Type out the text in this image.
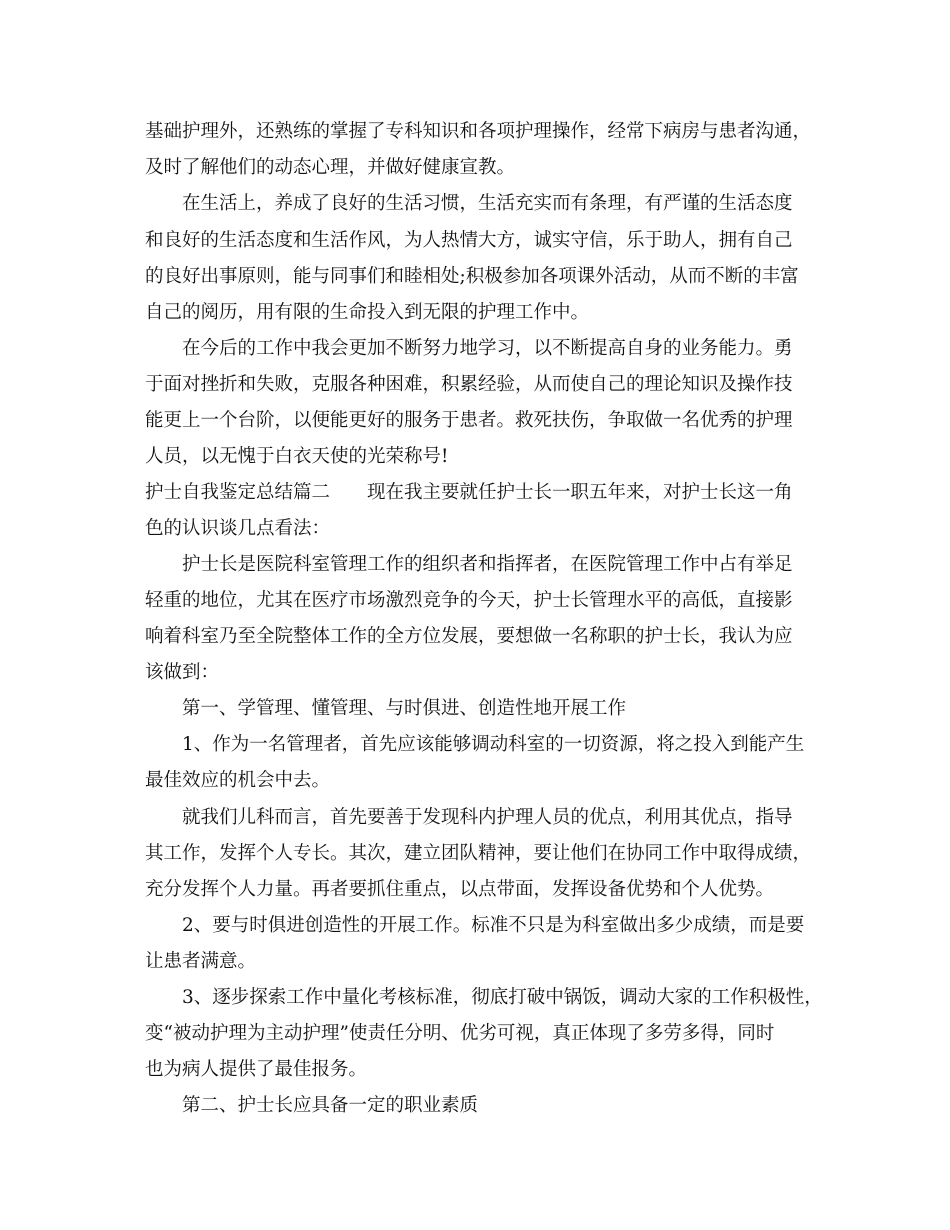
基础护理外，还熟练的掌握了专科知识和各项护理操作，经常下病房与患者沟通，

及时了解他们的动态心理，并做好健康宣教。

在生活上，养成了良好的生活习惯，生活充实而有条理，有严谨的生活态度

和良好的生活态度和生活作风，为人热情大方，诚实守信，乐于助人，拥有自己

的良好出事原则，能与同事们和睦相处;积极参加各项课外活动，从而不断的丰富

自己的阅历，用有限的生命投入到无限的护理工作中。

在今后的工作中我会更加不断努力地学习，以不断提高自身的业务能力。勇

于面对挫折和失败，克服各种困难，积累经验，从而使自己的理论知识及操作技

能更上一个台阶，以便能更好的服务于患者。救死扶伤，争取做一名优秀的护理

人员，以无愧于白衣天使的光荣称号!

护士自我鉴定总结篇二　　现在我主要就任护士长一职五年来，对护士长这一角

色的认识谈几点看法：

护士长是医院科室管理工作的组织者和指挥者，在医院管理工作中占有举足

轻重的地位，尤其在医疗市场激烈竞争的今天，护士长管理水平的高低，直接影

响着科室乃至全院整体工作的全方位发展，要想做一名称职的护士长，我认为应

该做到：

第一、学管理、懂管理、与时俱进、创造性地开展工作

1、作为一名管理者，首先应该能够调动科室的一切资源，将之投入到能产生

最佳效应的机会中去。

就我们儿科而言，首先要善于发现科内护理人员的优点，利用其优点，指导

其工作，发挥个人专长。其次，建立团队精神，要让他们在协同工作中取得成绩，

充分发挥个人力量。再者要抓住重点，以点带面，发挥设备优势和个人优势。

2、要与时俱进创造性的开展工作。标准不只是为科室做出多少成绩，而是要

让患者满意。

3、逐步探索工作中量化考核标准，彻底打破中锅饭，调动大家的工作积极性，

变“被动护理为主动护理”使责任分明、优劣可视，真正体现了多劳多得，同时

也为病人提供了最佳报务。

第二、护士长应具备一定的职业素质
